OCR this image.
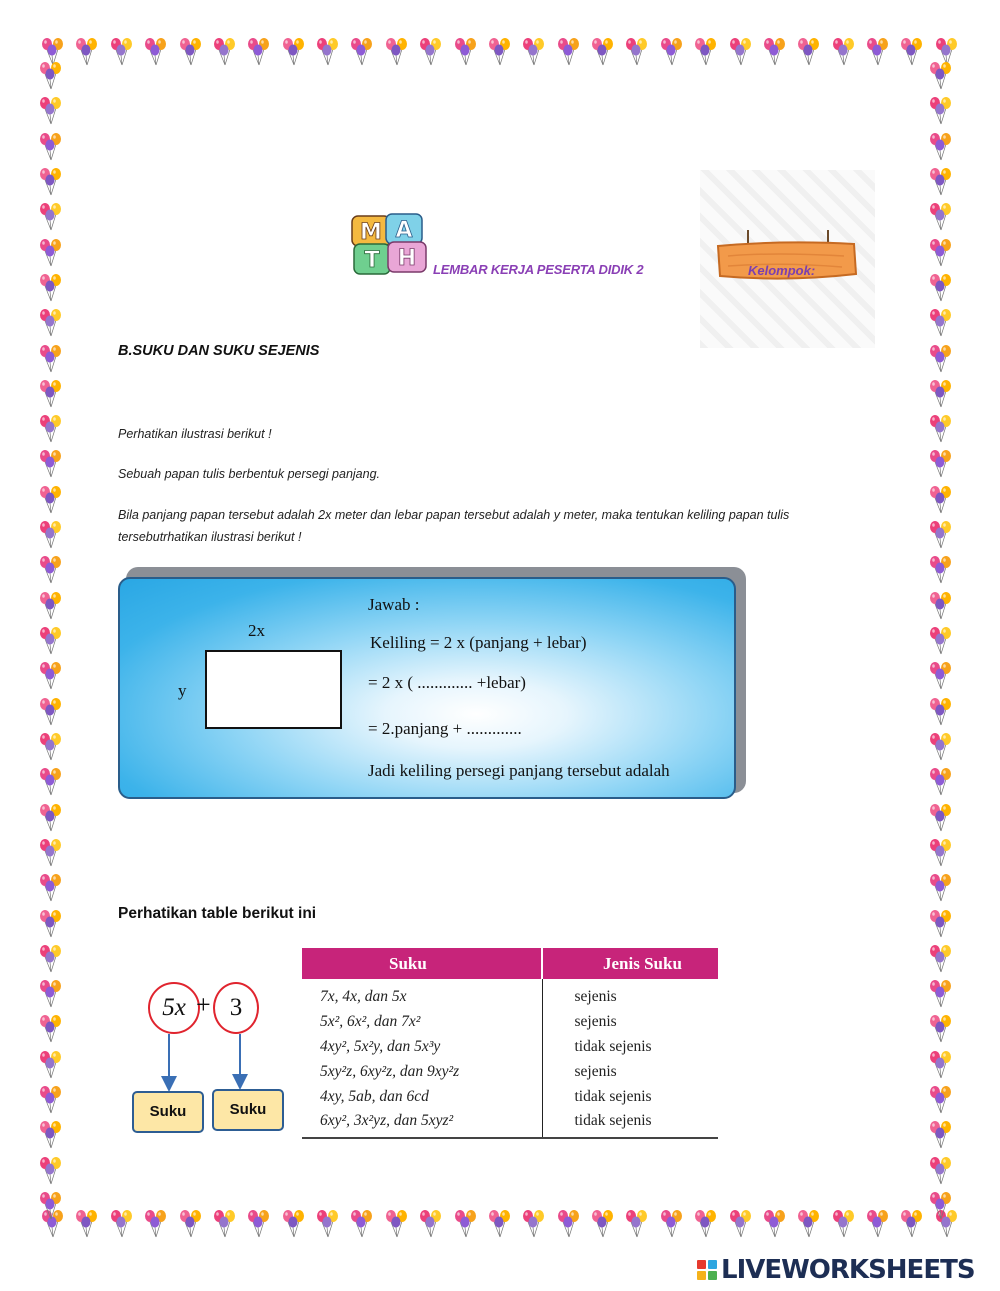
M A
T H LEMBAR KERJA PESERTA DIDIK 2	Kelompok:
B.SUKU DAN SUKU SEJENIS
Perhatikan ilustrasi berikut !
Sebuah papan tulis berbentuk persegi panjang.
Bila panjang papan tersebut adalah 2x meter dan lebar papan tersebut adalah y meter, maka tentukan keliling papan tulis tersebutrhatikan ilustrasi berikut !
2x
y
Jawab :
Keliling = 2 x (panjang + lebar)
= 2 x ( ............. +lebar)
= 2.panjang + .............
Jadi keliling persegi panjang tersebut adalah
Perhatikan table berikut ini
5x + 3
Suku	Suku
Suku	Jenis Suku
7x, 4x, dan 5x	sejenis
5x², 6x², dan 7x²	sejenis
4xy², 5x²y, dan 5x³y	tidak sejenis
5xy²z, 6xy²z, dan 9xy²z	sejenis
4xy, 5ab, dan 6cd	tidak sejenis
6xy², 3x²yz, dan 5xyz²	tidak sejenis
LIVEWORKSHEETS
